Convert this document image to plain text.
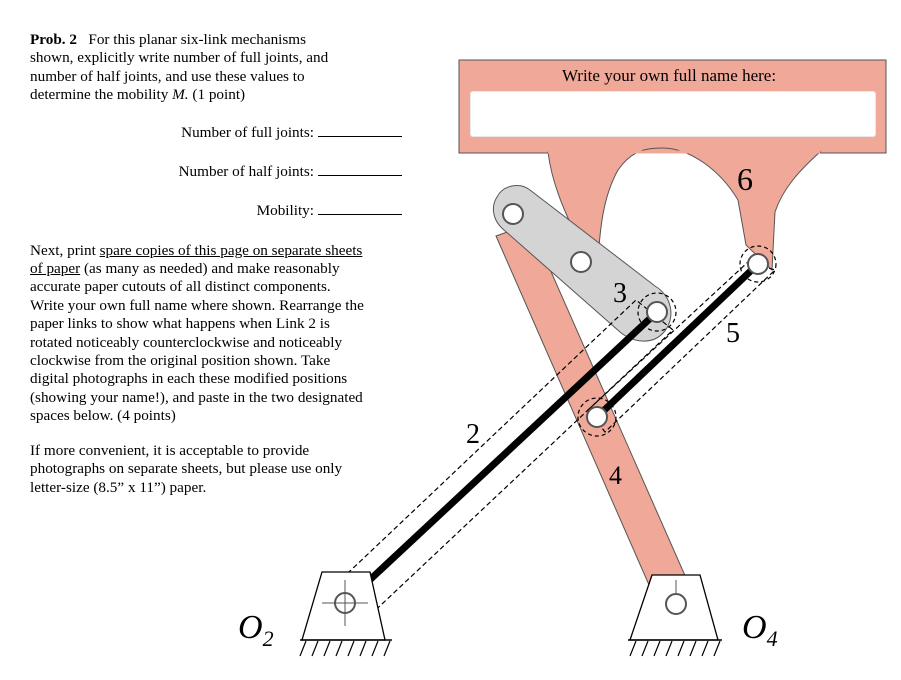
Prob. 2 For this planar six-link mechanisms
shown, explicitly write number of full joints, and
number of half joints, and use these values to
determine the mobility M. (1 point)

Number of full joints:

Number of half joints:

Mobility:

Next, print spare copies of this page on separate sheets
of paper (as many as needed) and make reasonably
accurate paper cutouts of all distinct components.
Write your own full name where shown. Rearrange the
paper links to show what happens when Link 2 is
rotated noticeably counterclockwise and noticeably
clockwise from the original position shown. Take
digital photographs in each these modified positions
(showing your name!), and paste in the two designated
spaces below. (4 points)

If more convenient, it is acceptable to provide
photographs on separate sheets, but please use only
letter-size (8.5” x 11”) paper.

2
3
4
5
6
$O_2$	$O_4$
Write your own full name here:
